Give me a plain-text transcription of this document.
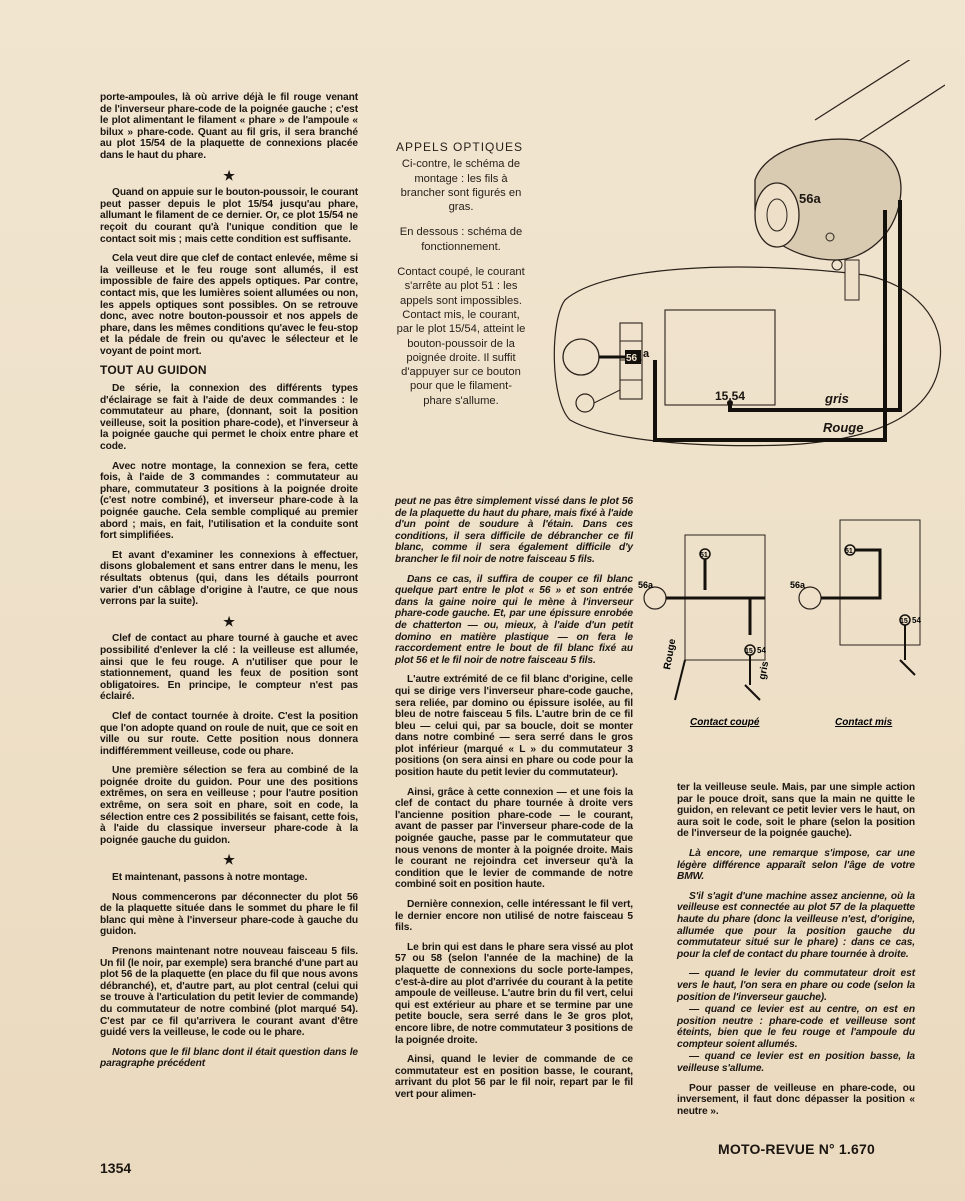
porte-ampoules, là où arrive déjà le fil rouge venant de l'inverseur phare-code de la poignée gauche ; c'est le plot alimentant le filament « phare » de l'ampoule « bilux » phare-code. Quant au fil gris, il sera branché au plot 15/54 de la plaquette de connexions placée dans le haut du phare.

★

Quand on appuie sur le bouton-poussoir, le courant peut passer depuis le plot 15/54 jusqu'au phare, allumant le filament de ce dernier. Or, ce plot 15/54 ne reçoit du courant qu'à l'unique condition que le contact soit mis ; mais cette condition est suffisante.

Cela veut dire que clef de contact enlevée, même si la veilleuse et le feu rouge sont allumés, il est impossible de faire des appels optiques. Par contre, contact mis, que les lumières soient allumées ou non, les appels optiques sont possibles. On se retrouve donc, avec notre bouton-poussoir et nos appels de phare, dans les mêmes conditions qu'avec le feu-stop et la pédale de frein ou qu'avec le sélecteur et le voyant de point mort.

TOUT AU GUIDON

De série, la connexion des différents types d'éclairage se fait à l'aide de deux commandes : le commutateur au phare, (donnant, soit la position veilleuse, soit la position phare-code), et l'inverseur à la poignée gauche qui permet le choix entre phare et code.

Avec notre montage, la connexion se fera, cette fois, à l'aide de 3 commandes : commutateur au phare, commutateur 3 positions à la poignée droite (c'est notre combiné), et inverseur phare-code à la poignée gauche. Cela semble compliqué au premier abord ; mais, en fait, l'utilisation et la conduite sont fort simplifiées.

Et avant d'examiner les connexions à effectuer, disons globalement et sans entrer dans le menu, les résultats obtenus (qui, dans les détails pourront varier d'un câblage d'origine à l'autre, ce que nous verrons par la suite).

★

Clef de contact au phare tourné à gauche et avec possibilité d'enlever la clé : la veilleuse est allumée, ainsi que le feu rouge. A n'utiliser que pour le stationnement, quand les feux de position sont obligatoires. En principe, le compteur n'est pas éclairé.

Clef de contact tournée à droite. C'est la position que l'on adopte quand on roule de nuit, que ce soit en ville ou sur route. Cette position nous donnera indifféremment veilleuse, code ou phare.

Une première sélection se fera au combiné de la poignée droite du guidon. Pour une des positions extrêmes, on sera en veilleuse ; pour l'autre position extrême, on sera soit en phare, soit en code, la sélection entre ces 2 possibilités se faisant, cette fois, à l'aide du classique inverseur phare-code à la poignée gauche du guidon.

★

Et maintenant, passons à notre montage.

Nous commencerons par déconnecter du plot 56 de la plaquette située dans le sommet du phare le fil blanc qui mène à l'inverseur phare-code à gauche du guidon.

Prenons maintenant notre nouveau faisceau 5 fils. Un fil (le noir, par exemple) sera branché d'une part au plot 56 de la plaquette (en place du fil que nous avons débranché), et, d'autre part, au plot central (celui qui se trouve à l'articulation du petit levier de commande) du commutateur de notre combiné (plot marqué 54). C'est par ce fil qu'arrivera le courant avant d'être guidé vers la veilleuse, le code ou le phare.

Notons que le fil blanc dont il était question dans le paragraphe précédent

APPELS OPTIQUES

Ci-contre, le schéma de montage : les fils à brancher sont figurés en gras.

En dessous : schéma de fonctionnement.

Contact coupé, le courant s'arrête au plot 51 : les appels sont impossibles.

Contact mis, le courant, par le plot 15/54, atteint le bouton-poussoir de la poignée droite. Il suffit d'appuyer sur ce bouton pour que le filament-phare s'allume.

56a
56 a
15.54	gris
Rouge
56a
51
15 54
Rouge
gris
Contact coupé
56a
51
15 54
Contact mis

peut ne pas être simplement vissé dans le plot 56 de la plaquette du haut du phare, mais fixé à l'aide d'un point de soudure à l'étain. Dans ces conditions, il sera difficile de débrancher ce fil blanc, comme il sera également difficile d'y brancher le fil noir de notre faisceau 5 fils.

Dans ce cas, il suffira de couper ce fil blanc quelque part entre le plot « 56 » et son entrée dans la gaine noire qui le mène à l'inverseur phare-code gauche. Et, par une épissure enrobée de chatterton — ou, mieux, à l'aide d'un petit domino en matière plastique — on fera le raccordement entre le bout de fil blanc fixé au plot 56 et le fil noir de notre faisceau 5 fils.

L'autre extrémité de ce fil blanc d'origine, celle qui se dirige vers l'inverseur phare-code gauche, sera reliée, par domino ou épissure isolée, au fil bleu de notre faisceau 5 fils. L'autre brin de ce fil bleu — celui qui, par sa boucle, doit se monter dans notre combiné — sera serré dans le gros plot inférieur (marqué « L » du commutateur 3 positions (on sera ainsi en phare ou code pour la position haute du petit levier du commutateur).

Ainsi, grâce à cette connexion — et une fois la clef de contact du phare tournée à droite vers l'ancienne position phare-code — le courant, avant de passer par l'inverseur phare-code de la poignée gauche, passe par le commutateur que nous venons de monter à la poignée droite. Mais le courant ne rejoindra cet inverseur qu'à la condition que le levier de commande de notre combiné soit en position haute.

Dernière connexion, celle intéressant le fil vert, le dernier encore non utilisé de notre faisceau 5 fils.

Le brin qui est dans le phare sera vissé au plot 57 ou 58 (selon l'année de la machine) de la plaquette de connexions du socle porte-lampes, c'est-à-dire au plot d'arrivée du courant à la petite ampoule de veilleuse. L'autre brin du fil vert, celui qui est extérieur au phare et se termine par une petite boucle, sera serré dans le 3e gros plot, encore libre, de notre commutateur 3 positions de la poignée droite.

Ainsi, quand le levier de commande de ce commutateur est en position basse, le courant, arrivant du plot 56 par le fil noir, repart par le fil vert pour alimen-

ter la veilleuse seule. Mais, par une simple action par le pouce droit, sans que la main ne quitte le guidon, en relevant ce petit levier vers le haut, on aura soit le code, soit le phare (selon la position de l'inverseur de la poignée gauche).

Là encore, une remarque s'impose, car une légère différence apparaît selon l'âge de votre BMW.

S'il s'agit d'une machine assez ancienne, où la veilleuse est connectée au plot 57 de la plaquette haute du phare (donc la veilleuse n'est, d'origine, allumée que pour la position gauche du commutateur situé sur le phare) : dans ce cas, pour la clef de contact du phare tournée à droite.

— quand le levier du commutateur droit est vers le haut, l'on sera en phare ou code (selon la position de l'inverseur gauche).

— quand ce levier est au centre, on est en position neutre : phare-code et veilleuse sont éteints, bien que le feu rouge et l'ampoule du compteur soient allumés.

— quand ce levier est en position basse, la veilleuse s'allume.

Pour passer de veilleuse en phare-code, ou inversement, il faut donc dépasser la position « neutre ».

1354
MOTO-REVUE N° 1.670
